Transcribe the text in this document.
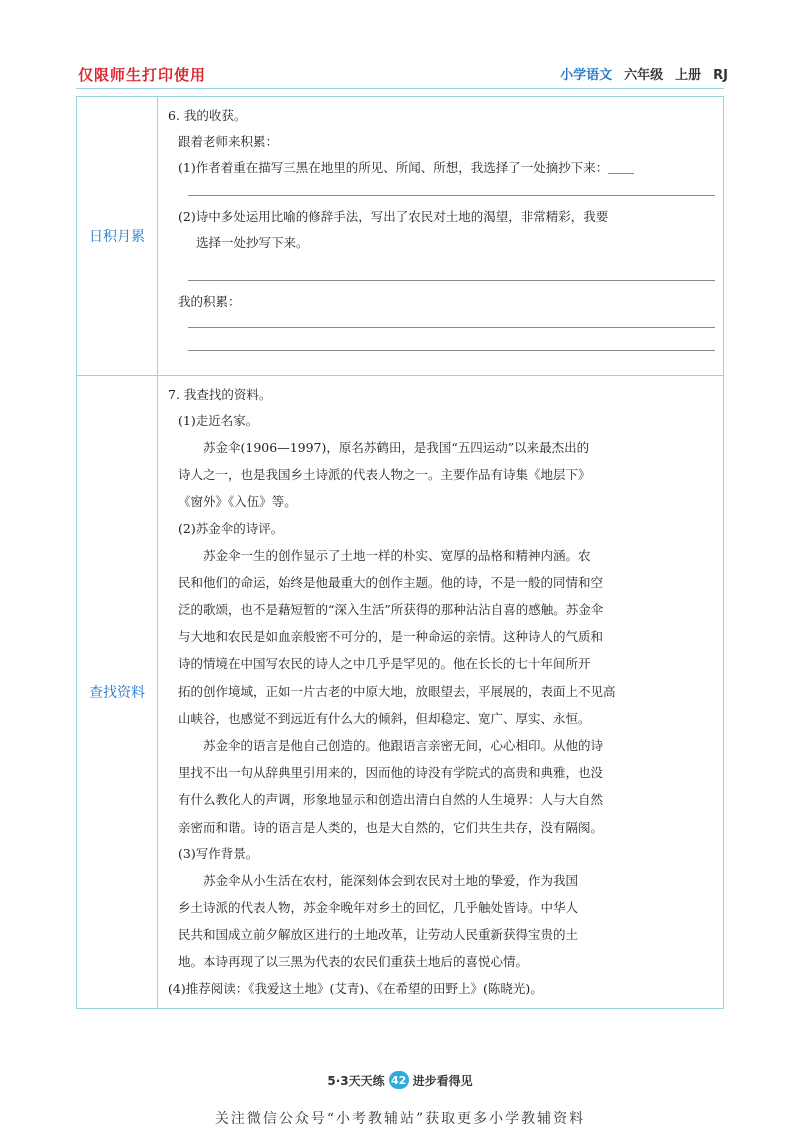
仅限师生打印使用	小学语文 六年级 上册 RJ
日积月累
6. 我的收获。
跟着老师来积累：
(1)作者着重在描写三黑在地里的所见、所闻、所想，我选择了一处摘抄下来：
(2)诗中多处运用比喻的修辞手法，写出了农民对土地的渴望，非常精彩，我要
选择一处抄写下来。
我的积累：
查找资料
7. 我查找的资料。
(1)走近名家。
苏金伞(1906—1997)，原名苏鹤田，是我国“五四运动”以来最杰出的
诗人之一，也是我国乡土诗派的代表人物之一。主要作品有诗集《地层下》
《窗外》《入伍》等。
(2)苏金伞的诗评。
苏金伞一生的创作显示了土地一样的朴实、宽厚的品格和精神内涵。农
民和他们的命运，始终是他最重大的创作主题。他的诗，不是一般的同情和空
泛的歌颂，也不是藉短暂的“深入生活”所获得的那种沾沾自喜的感触。苏金伞
与大地和农民是如血亲般密不可分的，是一种命运的亲情。这种诗人的气质和
诗的情境在中国写农民的诗人之中几乎是罕见的。他在长长的七十年间所开
拓的创作境域，正如一片古老的中原大地，放眼望去，平展展的，表面上不见高
山峡谷，也感觉不到远近有什么大的倾斜，但却稳定、宽广、厚实、永恒。
苏金伞的语言是他自己创造的。他跟语言亲密无间，心心相印。从他的诗
里找不出一句从辞典里引用来的，因而他的诗没有学院式的高贵和典雅，也没
有什么教化人的声调，形象地显示和创造出清白自然的人生境界：人与大自然
亲密而和谐。诗的语言是人类的，也是大自然的，它们共生共存，没有隔阂。
(3)写作背景。
苏金伞从小生活在农村，能深刻体会到农民对土地的挚爱，作为我国
乡土诗派的代表人物，苏金伞晚年对乡土的回忆，几乎触处皆诗。中华人
民共和国成立前夕解放区进行的土地改革，让劳动人民重新获得宝贵的土
地。本诗再现了以三黑为代表的农民们重获土地后的喜悦心情。
(4)推荐阅读：《我爱这土地》(艾青)、《在希望的田野上》(陈晓光)。
5·3天天练 42 进步看得见
关注微信公众号“小考教辅站”获取更多小学教辅资料
